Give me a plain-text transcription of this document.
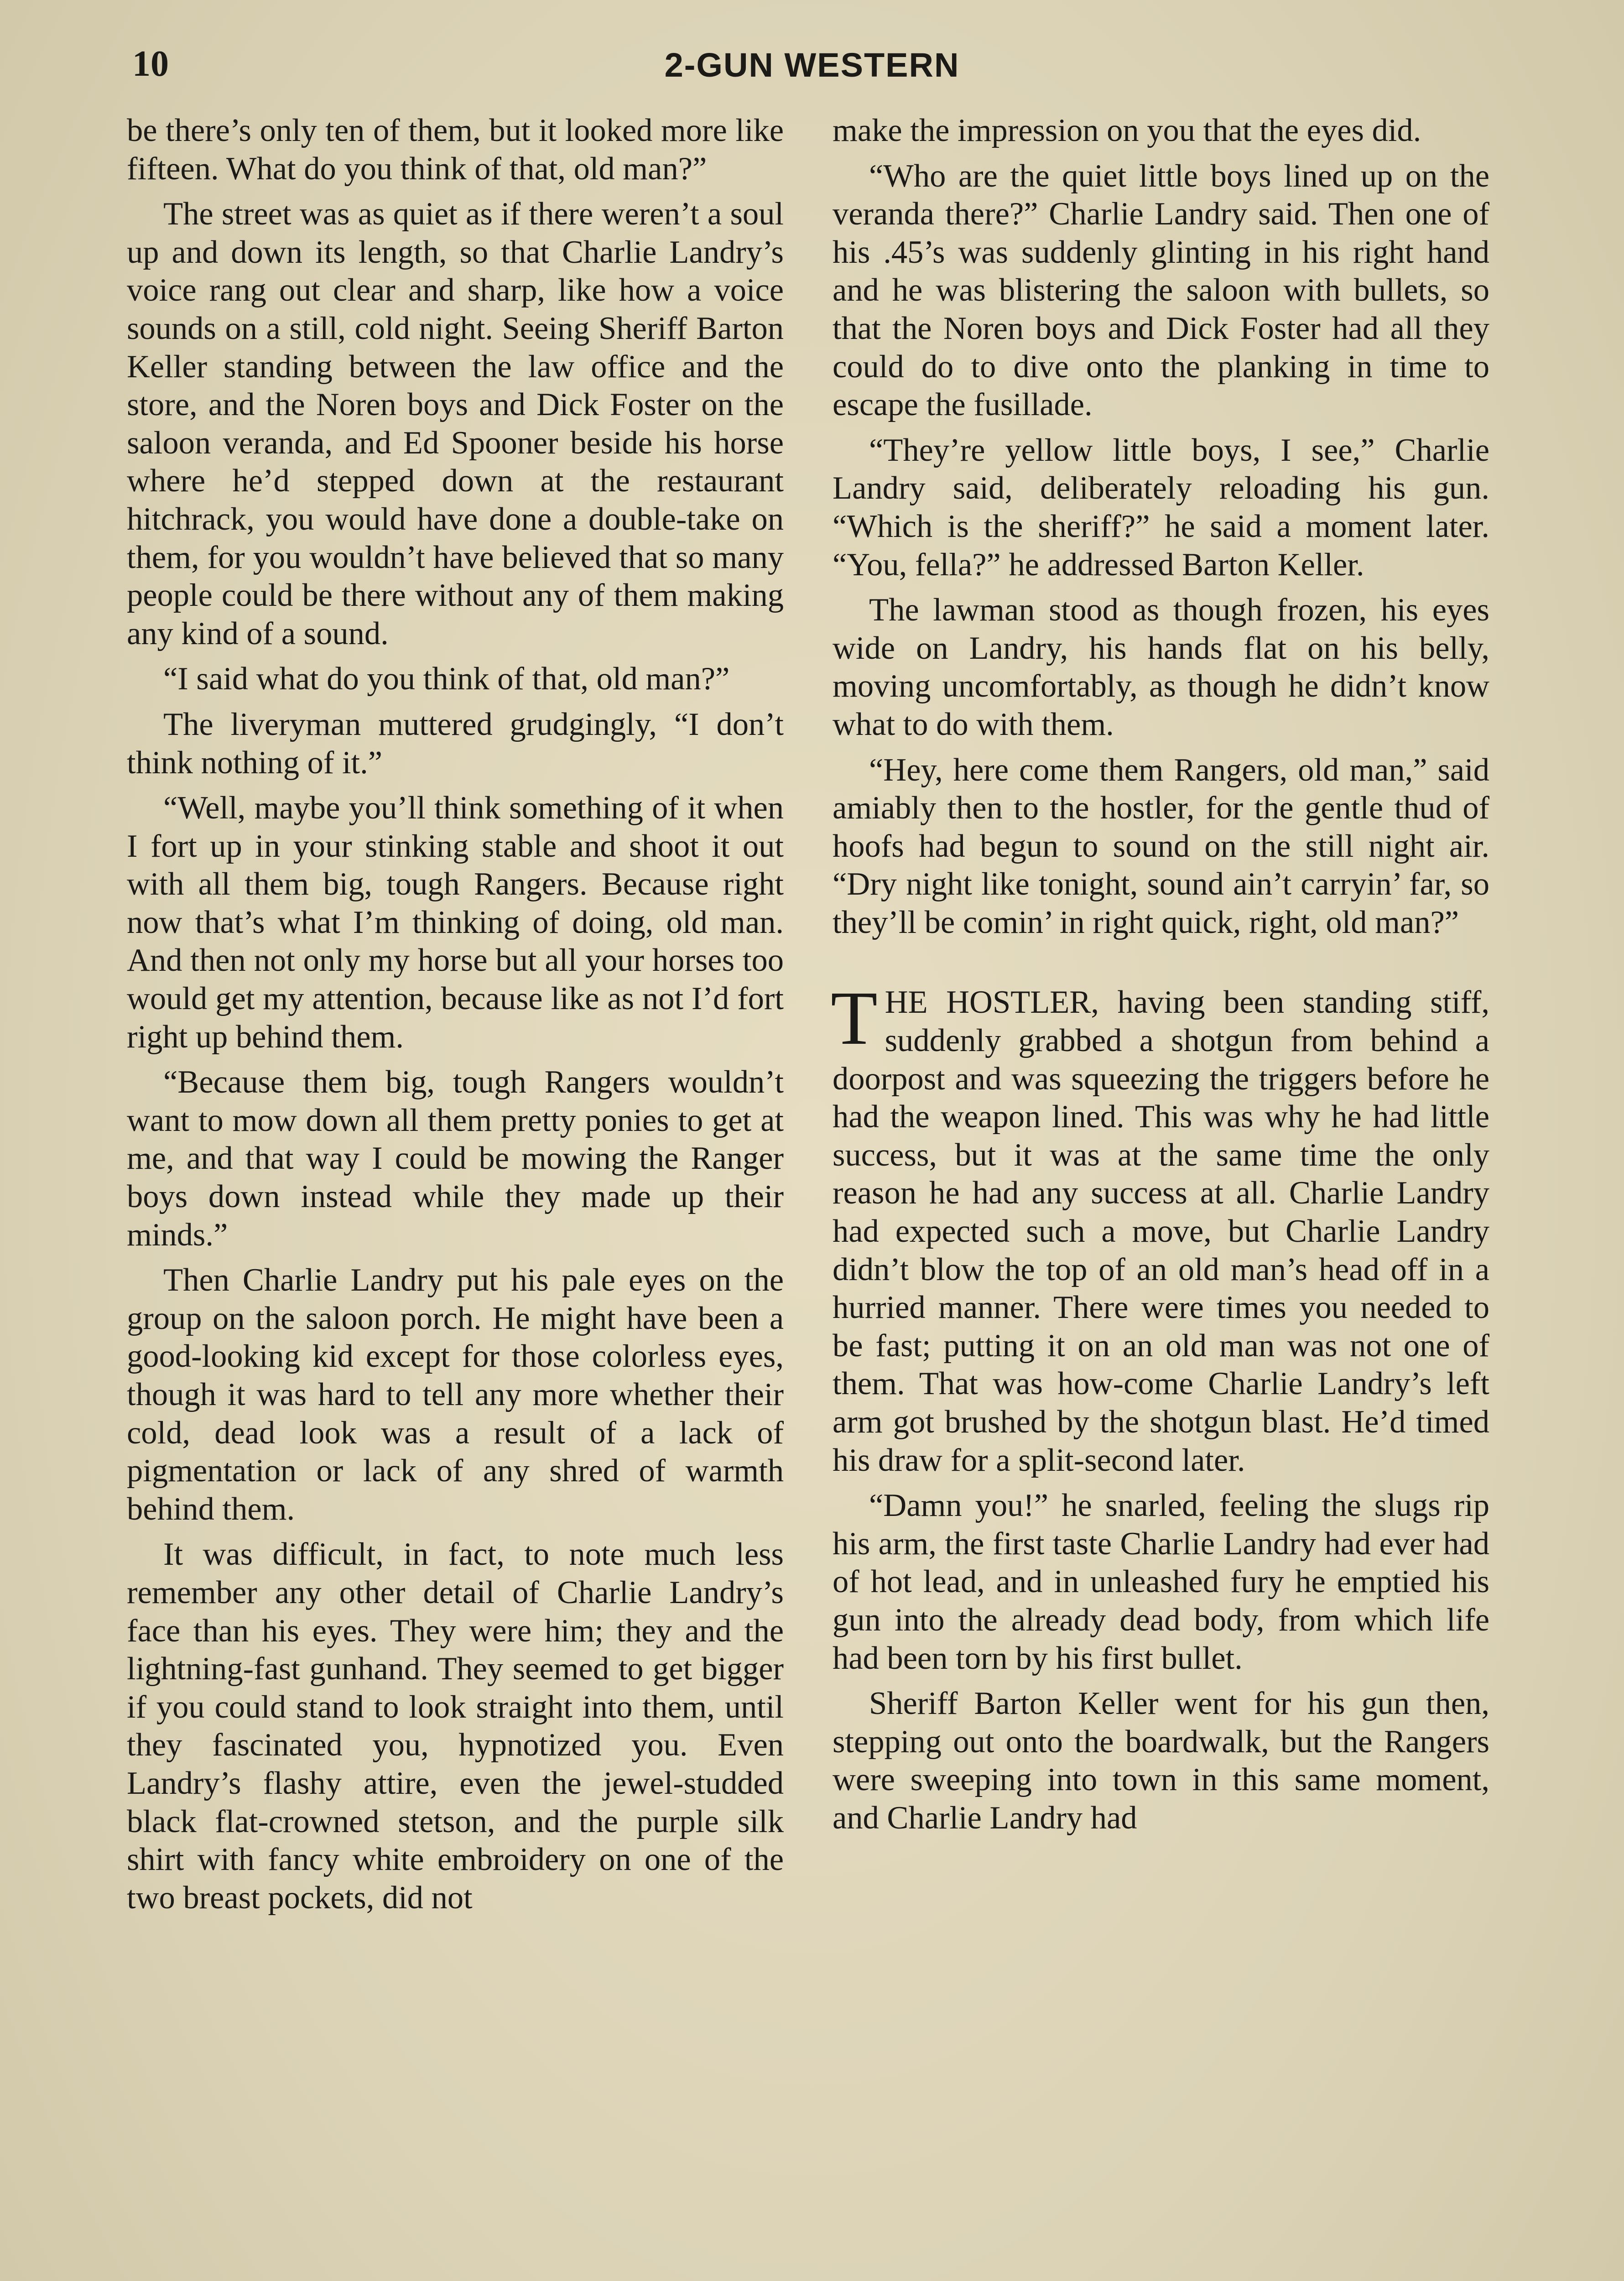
10	2-GUN WESTERN

be there’s only ten of them, but it looked more like fifteen. What do you think of that, old man?”

The street was as quiet as if there weren’t a soul up and down its length, so that Charlie Landry’s voice rang out clear and sharp, like how a voice sounds on a still, cold night. Seeing Sheriff Barton Keller standing between the law office and the store, and the Noren boys and Dick Foster on the saloon veranda, and Ed Spooner beside his horse where he’d stepped down at the restaurant hitchrack, you would have done a double-take on them, for you wouldn’t have believed that so many people could be there without any of them making any kind of a sound.

“I said what do you think of that, old man?”

The liveryman muttered grudgingly, “I don’t think nothing of it.”

“Well, maybe you’ll think something of it when I fort up in your stinking stable and shoot it out with all them big, tough Rangers. Because right now that’s what I’m thinking of doing, old man. And then not only my horse but all your horses too would get my attention, because like as not I’d fort right up behind them.

“Because them big, tough Rangers wouldn’t want to mow down all them pretty ponies to get at me, and that way I could be mowing the Ranger boys down instead while they made up their minds.”

Then Charlie Landry put his pale eyes on the group on the saloon porch. He might have been a good-looking kid except for those colorless eyes, though it was hard to tell any more whether their cold, dead look was a result of a lack of pigmentation or lack of any shred of warmth behind them.

It was difficult, in fact, to note much less remember any other detail of Charlie Landry’s face than his eyes. They were him; they and the lightning-fast gunhand. They seemed to get bigger if you could stand to look straight into them, until they fascinated you, hypnotized you. Even Landry’s flashy attire, even the jewel-studded black flat-crowned stetson, and the purple silk shirt with fancy white embroidery on one of the two breast pockets, did not

make the impression on you that the eyes did.

“Who are the quiet little boys lined up on the veranda there?” Charlie Landry said. Then one of his .45’s was suddenly glinting in his right hand and he was blistering the saloon with bullets, so that the Noren boys and Dick Foster had all they could do to dive onto the planking in time to escape the fusillade.

“They’re yellow little boys, I see,” Charlie Landry said, deliberately reloading his gun. “Which is the sheriff?” he said a moment later. “You, fella?” he addressed Barton Keller.

The lawman stood as though frozen, his eyes wide on Landry, his hands flat on his belly, moving uncomfortably, as though he didn’t know what to do with them.

“Hey, here come them Rangers, old man,” said amiably then to the hostler, for the gentle thud of hoofs had begun to sound on the still night air. “Dry night like tonight, sound ain’t carryin’ far, so they’ll be comin’ in right quick, right, old man?”

THE HOSTLER, having been standing stiff, suddenly grabbed a shotgun from behind a doorpost and was squeezing the triggers before he had the weapon lined. This was why he had little success, but it was at the same time the only reason he had any success at all. Charlie Landry had expected such a move, but Charlie Landry didn’t blow the top of an old man’s head off in a hurried manner. There were times you needed to be fast; putting it on an old man was not one of them. That was how-come Charlie Landry’s left arm got brushed by the shotgun blast. He’d timed his draw for a split-second later.

“Damn you!” he snarled, feeling the slugs rip his arm, the first taste Charlie Landry had ever had of hot lead, and in unleashed fury he emptied his gun into the already dead body, from which life had been torn by his first bullet.

Sheriff Barton Keller went for his gun then, stepping out onto the boardwalk, but the Rangers were sweeping into town in this same moment, and Charlie Landry had
